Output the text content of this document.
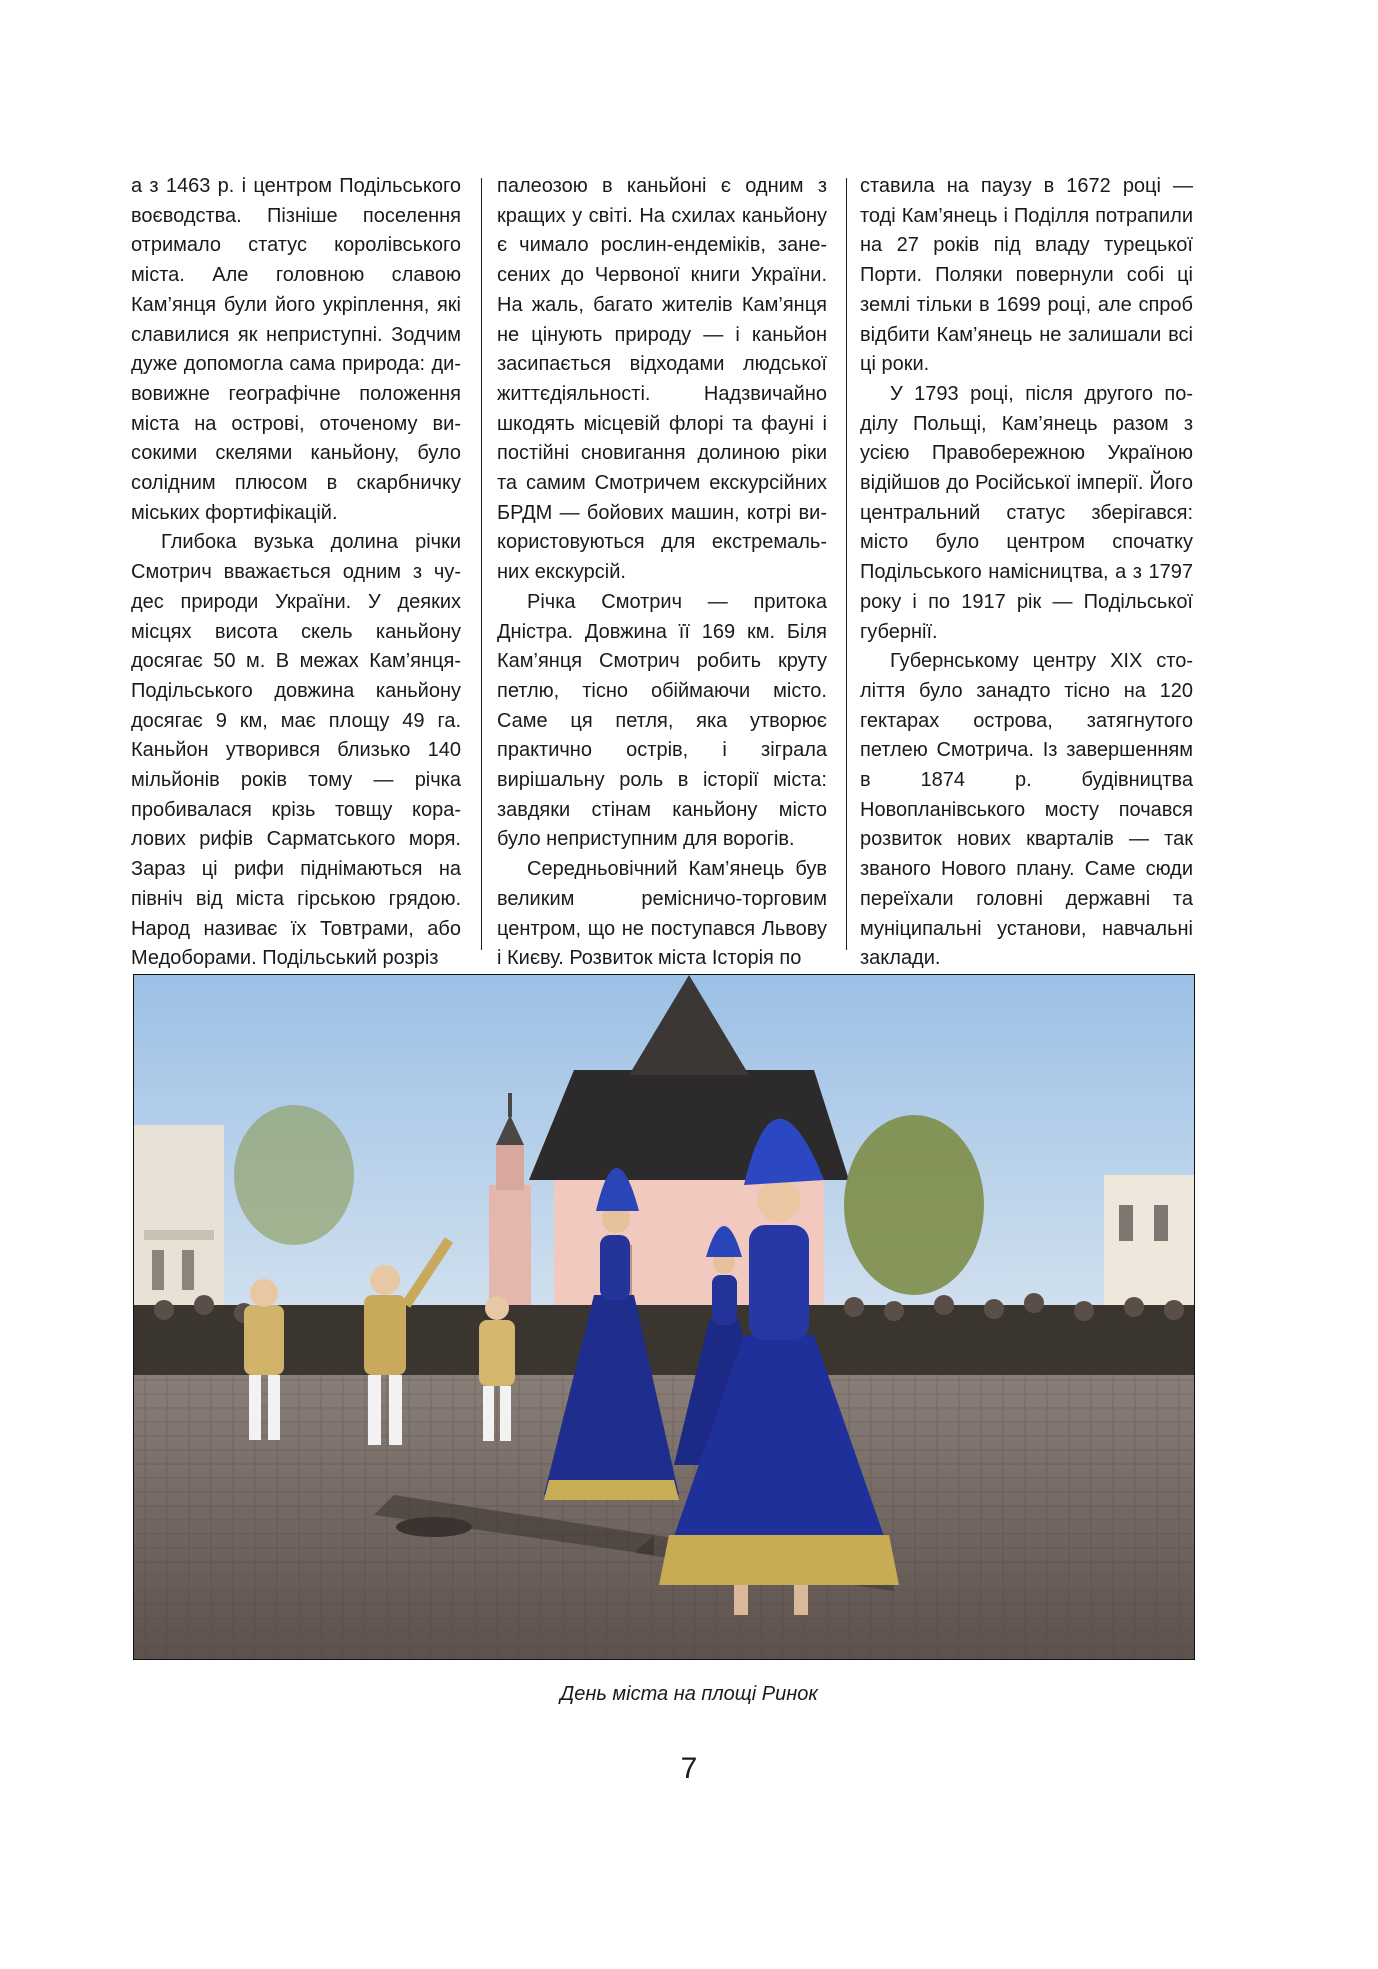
а з 1463 р. і центром Подільського воєводства. Пізніше поселення отримало статус королівського міста. Але головною славою Кам’янця були його укріплення, які славилися як неприступні. Зодчим дуже допомогла сама природа: дивовижне географічне положення міста на острові, оточеному високими скелями каньйону, було солідним плюсом в скарбничку міських фортифікацій.

Глибока вузька долина річки Смотрич вважається одним з чудес природи України. У деяких місцях висота скель каньйону досягає 50 м. В межах Кам’янця-Подільського довжина каньйону досягає 9 км, має площу 49 га. Каньйон утворився близько 140 мільйонів років тому — річка пробивалася крізь товщу коралових рифів Сарматського моря. Зараз ці рифи піднімаються на північ від міста гірською грядою. Народ називає їх Товтрами, або Медоборами. Подільський розріз

палеозою в каньйоні є одним з кращих у світі. На схилах каньйону є чимало рослин-ендеміків, занесених до Червоної книги України. На жаль, багато жителів Кам’янця не цінують природу — і каньйон засипається відходами людської життєдіяльності. Надзвичайно шкодять місцевій флорі та фауні і постійні сновигання долиною ріки та самим Смотричем екскурсійних БРДМ — бойових машин, котрі використовуються для екстремальних екскурсій.

Річка Смотрич — притока Дністра. Довжина її 169 км. Біля Кам’янця Смотрич робить круту петлю, тісно обіймаючи місто. Саме ця петля, яка утворює практично острів, і зіграла вирішальну роль в історії міста: завдяки стінам каньйону місто було неприступним для ворогів.

Середньовічний Кам’янець був великим ремісничо-торговим центром, що не поступався Львову і Києву. Розвиток міста Історія по

ставила на паузу в 1672 році — тоді Кам’янець і Поділля потрапили на 27 років під владу турецької Порти. Поляки повернули собі ці землі тільки в 1699 році, але спроб відбити Кам’янець не залишали всі ці роки.

У 1793 році, після другого поділу Польщі, Кам’янець разом з усією Правобережною Україною відійшов до Російської імперії. Його центральний статус зберігався: місто було центром спочатку Подільського намісництва, а з 1797 року і по 1917 рік — Подільської губернії.

Губернському центру XIX століття було занадто тісно на 120 гектарах острова, затягнутого петлею Смотрича. Із завершенням в 1874 р. будівництва Новопланівського мосту почався розвиток нових кварталів — так званого Нового плану. Саме сюди переїхали головні державні та муніципальні установи, навчальні заклади.

День міста на площі Ринок
7
